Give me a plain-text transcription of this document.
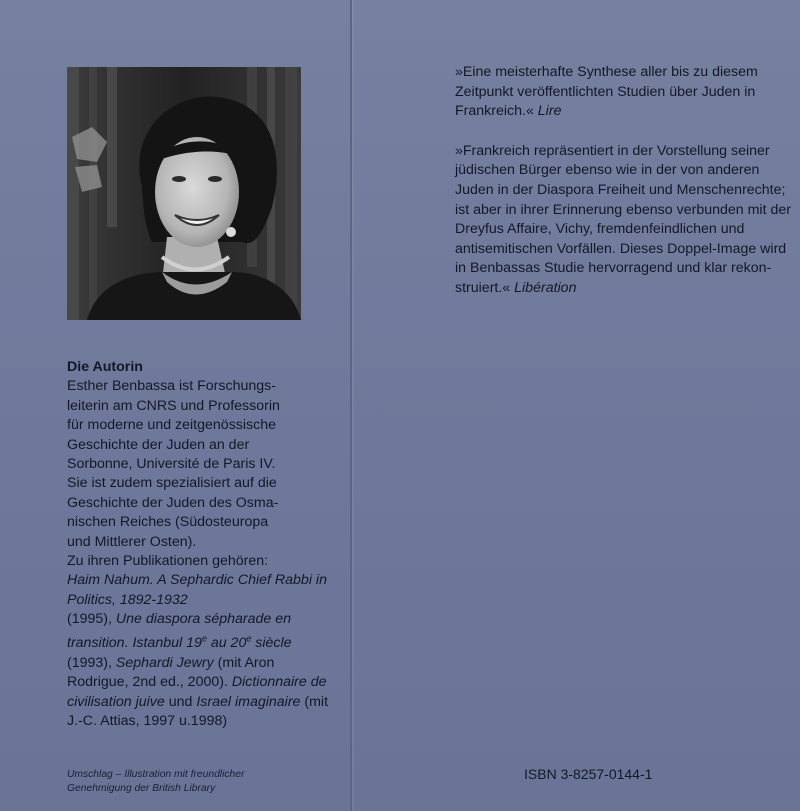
Die Autorin

Esther Benbassa ist Forschungs-
leiterin am CNRS und Professorin
für moderne und zeitgenössische
Geschichte der Juden an der
Sorbonne, Université de Paris IV.
Sie ist zudem spezialisiert auf die
Geschichte der Juden des Osma-
nischen Reiches (Südosteuropa
und Mittlerer Osten).
Zu ihren Publikationen gehören:

Haim Nahum. A Sephardic Chief Rabbi in Politics, 1892-1932
(1995), Une diaspora sépharade en transition. Istanbul 19e au 20e siècle (1993), Sephardi Jewry (mit Aron Rodrigue, 2nd ed., 2000). Dictionnaire de civilisation juive und Israel imaginaire (mit J.-C. Attias, 1997 u.1998)

Umschlag – Illustration mit freundlicher Genehmigung der British Library

»Eine meisterhafte Synthese aller bis zu diesem Zeitpunkt veröffentlichten Studien über Juden in Frankreich.« Lire

»Frankreich repräsentiert in der Vorstellung seiner jüdischen Bürger ebenso wie in der von anderen Juden in der Diaspora Freiheit und Menschenrechte; ist aber in ihrer Erinnerung ebenso verbunden mit der Dreyfus Affaire, Vichy, fremdenfeindlichen und antisemitischen Vorfällen. Dieses Doppel-Image wird in Benbassas Studie hervorragend und klar rekon-struiert.« Libération

ISBN 3-8257-0144-1
